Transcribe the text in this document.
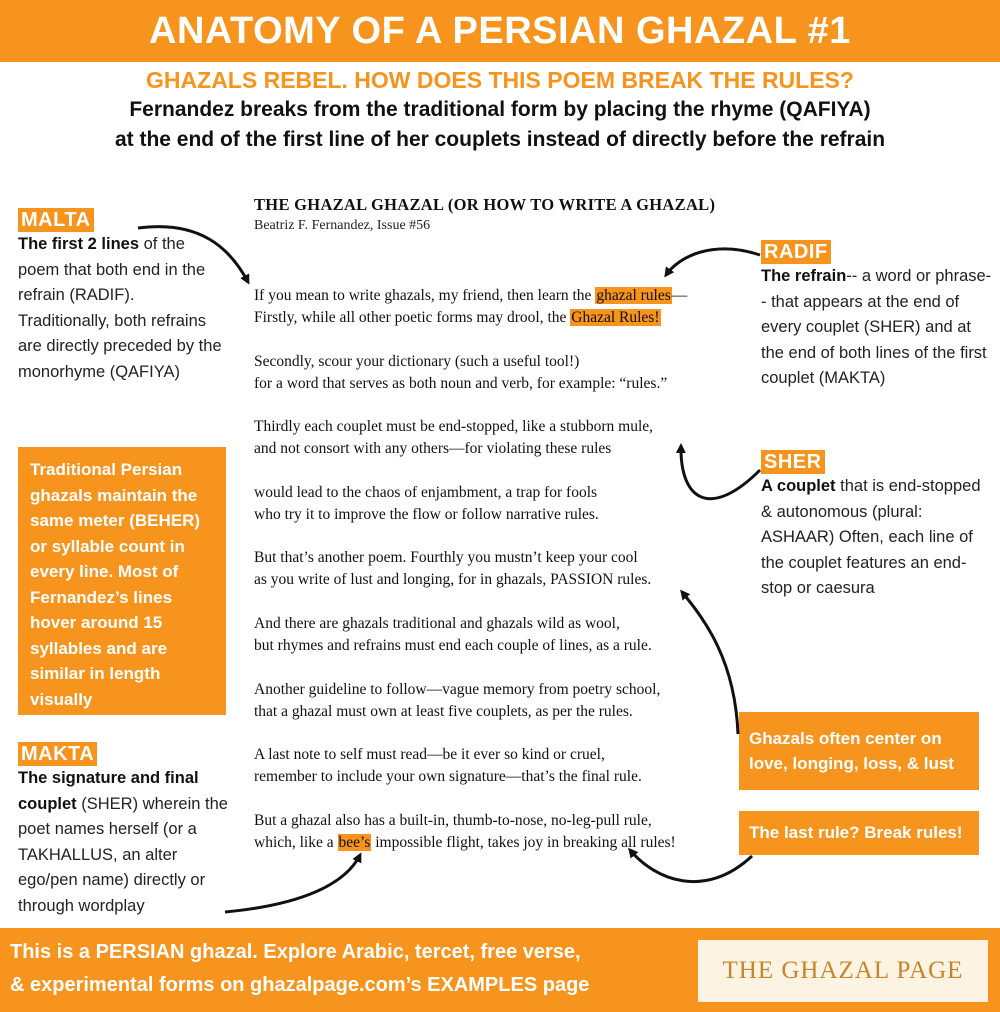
ANATOMY OF A PERSIAN GHAZAL #1
GHAZALS REBEL. HOW DOES THIS POEM BREAK THE RULES?
Fernandez breaks from the traditional form by placing the rhyme (QAFIYA)
at the end of the first line of her couplets instead of directly before the refrain
MALTA
The first 2 lines of the poem that both end in the refrain (RADIF). Traditionally, both refrains are directly preceded by the monorhyme (QAFIYA)
Traditional Persian ghazals maintain the same meter (BEHER) or syllable count in every line. Most of Fernandez’s lines hover around 15 syllables and are similar in length visually
MAKTA
The signature and final couplet (SHER) wherein the poet names herself (or a TAKHALLUS, an alter ego/pen name) directly or through wordplay
RADIF
The refrain-- a word or phrase-- that appears at the end of every couplet (SHER) and at the end of both lines of the first couplet (MAKTA)
SHER
A couplet that is end-stopped & autonomous (plural: ASHAAR) Often, each line of the couplet features an end-stop or caesura
Ghazals often center on love, longing, loss, & lust
The last rule? Break rules!
THE GHAZAL GHAZAL (OR HOW TO WRITE A GHAZAL)
Beatriz F. Fernandez, Issue #56
If you mean to write ghazals, my friend, then learn the ghazal rules—
Firstly, while all other poetic forms may drool, the Ghazal Rules!
Secondly, scour your dictionary (such a useful tool!)
for a word that serves as both noun and verb, for example: “rules.”
Thirdly each couplet must be end-stopped, like a stubborn mule,
and not consort with any others—for violating these rules
would lead to the chaos of enjambment, a trap for fools
who try it to improve the flow or follow narrative rules.
But that’s another poem. Fourthly you mustn’t keep your cool
as you write of lust and longing, for in ghazals, PASSION rules.
And there are ghazals traditional and ghazals wild as wool,
but rhymes and refrains must end each couple of lines, as a rule.
Another guideline to follow—vague memory from poetry school,
that a ghazal must own at least five couplets, as per the rules.
A last note to self must read—be it ever so kind or cruel,
remember to include your own signature—that’s the final rule.
But a ghazal also has a built-in, thumb-to-nose, no-leg-pull rule,
which, like a bee’s impossible flight, takes joy in breaking all rules!
This is a PERSIAN ghazal. Explore Arabic, tercet, free verse,
& experimental forms on ghazalpage.com’s EXAMPLES page
THE GHAZAL PAGE
